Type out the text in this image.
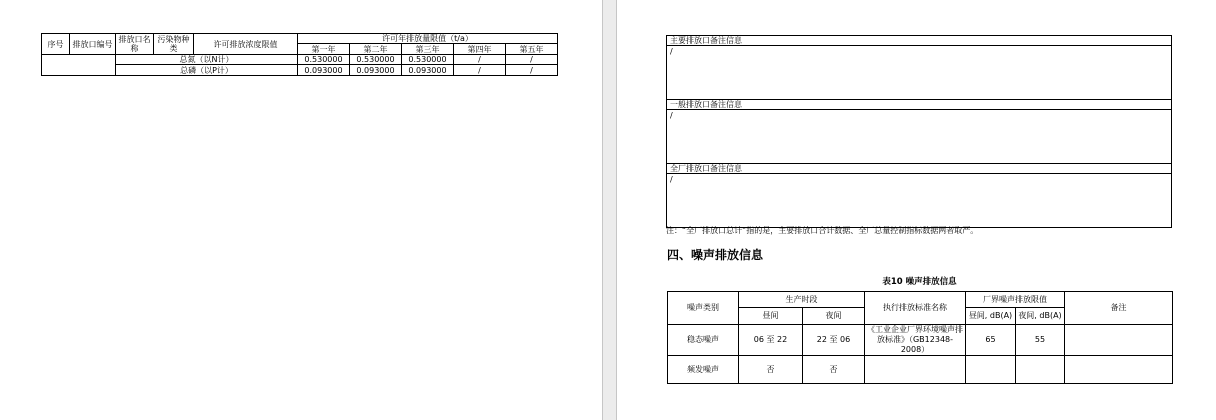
序号	排放口编号	排放口名称	污染物种类	许可排放浓度限值	许可年排放量限值（t/a）				
					第一年	第二年	第三年	第四年	第五年
		总氮（以N计）			0.530000	0.530000	0.530000	/	/
		总磷（以P计）			0.093000	0.093000	0.093000	/	/
主要排放口备注信息
/
一般排放口备注信息
/
全厂排放口备注信息
/
注：“全厂排放口总计”指的是，主要排放口合计数据、全厂总量控制指标数据两者取严。
四、噪声排放信息
表10 噪声排放信息
噪声类别	生产时段		执行排放标准名称	厂界噪声排放限值		备注
	昼间	夜间		昼间, dB(A)	夜间, dB(A)	
稳态噪声	06 至 22	22 至 06	《工业企业厂界环境噪声排放标准》（GB12348-2008）	65	55	
频发噪声	否	否				
